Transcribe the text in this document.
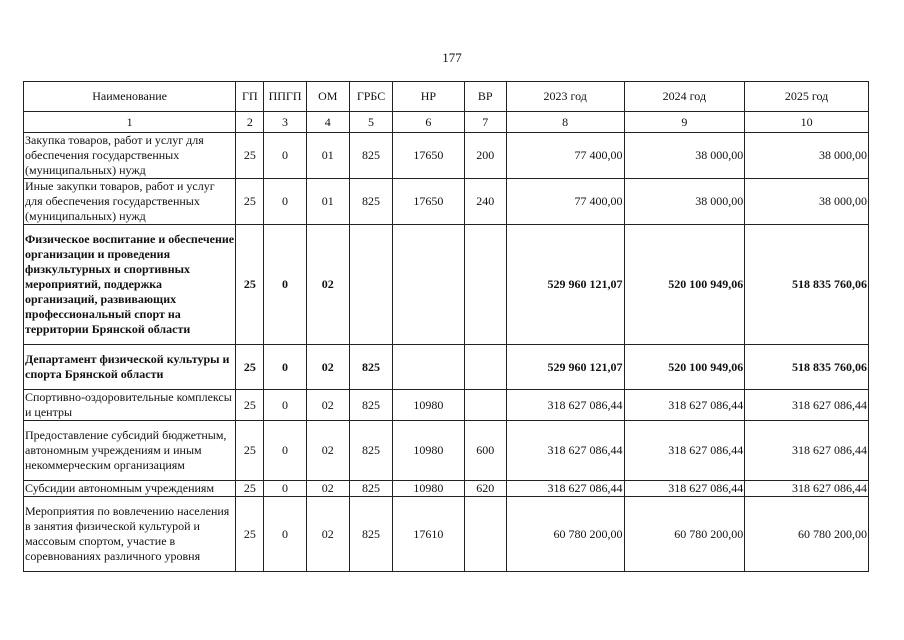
177
Наименование	ГП	ППГП	ОМ	ГРБС	НР	ВР	2023 год	2024 год	2025 год
1	2	3	4	5	6	7	8	9	10
Закупка товаров, работ и услуг для обеспечения государственных (муниципальных) нужд	25	0	01	825	17650	200	77 400,00	38 000,00	38 000,00
Иные закупки товаров, работ и услуг для обеспечения государственных (муниципальных) нужд	25	0	01	825	17650	240	77 400,00	38 000,00	38 000,00
Физическое воспитание и обеспечение организации и проведения физкультурных и спортивных мероприятий, поддержка организаций, развивающих профессиональный спорт на территории Брянской области	25	0	02				529 960 121,07	520 100 949,06	518 835 760,06
Департамент физической культуры и спорта Брянской области	25	0	02	825			529 960 121,07	520 100 949,06	518 835 760,06
Спортивно-оздоровительные комплексы и центры	25	0	02	825	10980		318 627 086,44	318 627 086,44	318 627 086,44
Предоставление субсидий бюджетным, автономным учреждениям и иным некоммерческим организациям	25	0	02	825	10980	600	318 627 086,44	318 627 086,44	318 627 086,44
Субсидии автономным учреждениям	25	0	02	825	10980	620	318 627 086,44	318 627 086,44	318 627 086,44
Мероприятия по вовлечению населения в занятия физической культурой и массовым спортом, участие в соревнованиях различного уровня	25	0	02	825	17610		60 780 200,00	60 780 200,00	60 780 200,00
